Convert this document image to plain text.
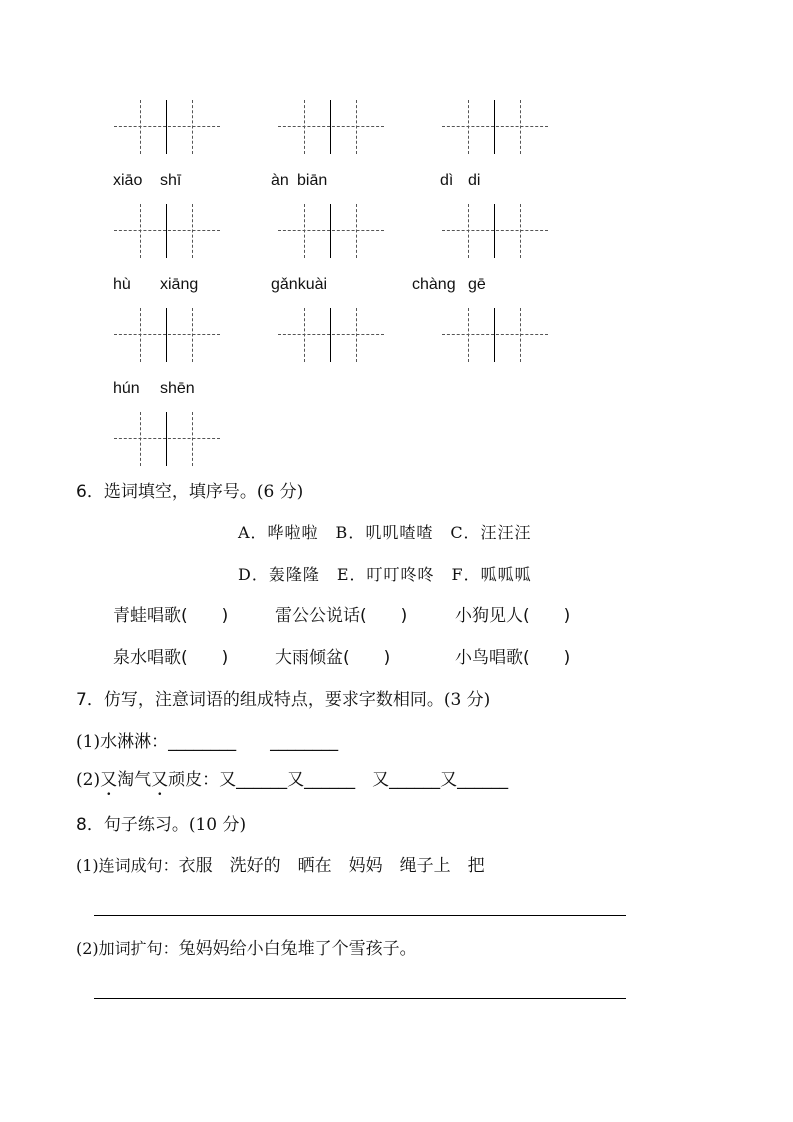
xiāo shī	àn biān	dì di
hù xiāng	gǎnkuài	chàng gē
hún shēn
6．选词填空，填序号。(6 分)
A．哗啦啦　B．叽叽喳喳　C．汪汪汪
D．轰隆隆　E．叮叮咚咚　F．呱呱呱
青蛙唱歌(　　)	雷公公说话(　　)	小狗见人(　　)
泉水唱歌(　　)	大雨倾盆(　　)	小鸟唱歌(　　)
7．仿写，注意词语的组成特点，要求字数相同。(3 分)
(1)水淋淋：________　　________
(2)又淘气又顽皮：又______又______　又______又______
8．句子练习。(10 分)
(1)连词成句：衣服　洗好的　晒在　妈妈　绳子上　把
(2)加词扩句：兔妈妈给小白兔堆了个雪孩子。
